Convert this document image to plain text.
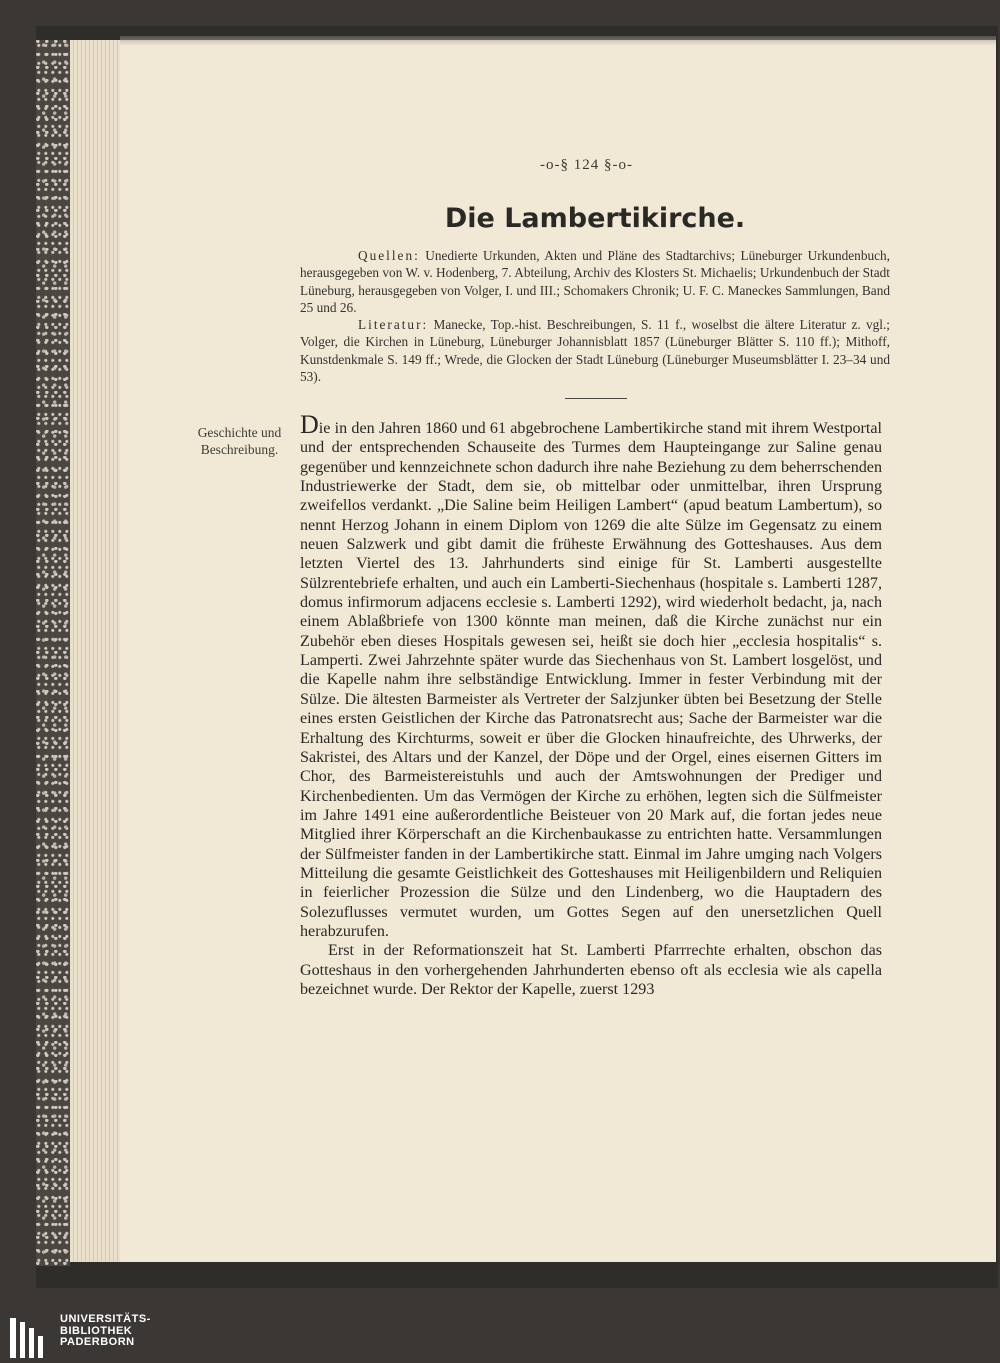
-o-§ 124 §-o-
Die Lambertikirche.

Quellen: Unedierte Urkunden, Akten und Pläne des Stadtarchivs; Lüneburger Urkundenbuch, herausgegeben von W. v. Hodenberg, 7. Abteilung, Archiv des Klosters St. Michaelis; Urkundenbuch der Stadt Lüneburg, herausgegeben von Volger, I. und III.; Schomakers Chronik; U. F. C. Maneckes Sammlungen, Band 25 und 26.

Literatur: Manecke, Top.-hist. Beschreibungen, S. 11 f., woselbst die ältere Literatur z. vgl.; Volger, die Kirchen in Lüneburg, Lüneburger Johannisblatt 1857 (Lüneburger Blätter S. 110 ff.); Mithoff, Kunstdenkmale S. 149 ff.; Wrede, die Glocken der Stadt Lüneburg (Lüneburger Museumsblätter I. 23–34 und 53).

Geschichte und Beschreibung.

Die in den Jahren 1860 und 61 abgebrochene Lambertikirche stand mit ihrem Westportal und der entsprechenden Schauseite des Turmes dem Haupteingange zur Saline genau gegenüber und kennzeichnete schon dadurch ihre nahe Beziehung zu dem beherrschenden Industriewerke der Stadt, dem sie, ob mittelbar oder unmittelbar, ihren Ursprung zweifellos verdankt. „Die Saline beim Heiligen Lambert“ (apud beatum Lambertum), so nennt Herzog Johann in einem Diplom von 1269 die alte Sülze im Gegensatz zu einem neuen Salzwerk und gibt damit die früheste Erwähnung des Gotteshauses. Aus dem letzten Viertel des 13. Jahrhunderts sind einige für St. Lamberti ausgestellte Sülzrentebriefe erhalten, und auch ein Lamberti-Siechenhaus (hospitale s. Lamberti 1287, domus infirmorum adjacens ecclesie s. Lamberti 1292), wird wiederholt bedacht, ja, nach einem Ablaßbriefe von 1300 könnte man meinen, daß die Kirche zunächst nur ein Zubehör eben dieses Hospitals gewesen sei, heißt sie doch hier „ecclesia hospitalis“ s. Lamperti. Zwei Jahrzehnte später wurde das Siechenhaus von St. Lambert losgelöst, und die Kapelle nahm ihre selbständige Entwicklung. Immer in fester Verbindung mit der Sülze. Die ältesten Barmeister als Vertreter der Salzjunker übten bei Besetzung der Stelle eines ersten Geistlichen der Kirche das Patronatsrecht aus; Sache der Barmeister war die Erhaltung des Kirchturms, soweit er über die Glocken hinaufreichte, des Uhrwerks, der Sakristei, des Altars und der Kanzel, der Döpe und der Orgel, eines eisernen Gitters im Chor, des Barmeistereistuhls und auch der Amtswohnungen der Prediger und Kirchenbedienten. Um das Vermögen der Kirche zu erhöhen, legten sich die Sülfmeister im Jahre 1491 eine außerordentliche Beisteuer von 20 Mark auf, die fortan jedes neue Mitglied ihrer Körperschaft an die Kirchenbaukasse zu entrichten hatte. Versammlungen der Sülfmeister fanden in der Lambertikirche statt. Einmal im Jahre umging nach Volgers Mitteilung die gesamte Geistlichkeit des Gotteshauses mit Heiligenbildern und Reliquien in feierlicher Prozession die Sülze und den Lindenberg, wo die Hauptadern des Solezuflusses vermutet wurden, um Gottes Segen auf den unersetzlichen Quell herabzurufen.

Erst in der Reformationszeit hat St. Lamberti Pfarrrechte erhalten, obschon das Gotteshaus in den vorhergehenden Jahrhunderten ebenso oft als ecclesia wie als capella bezeichnet wurde. Der Rektor der Kapelle, zuerst 1293

UNIVERSITÄTS-
BIBLIOTHEK
PADERBORN
